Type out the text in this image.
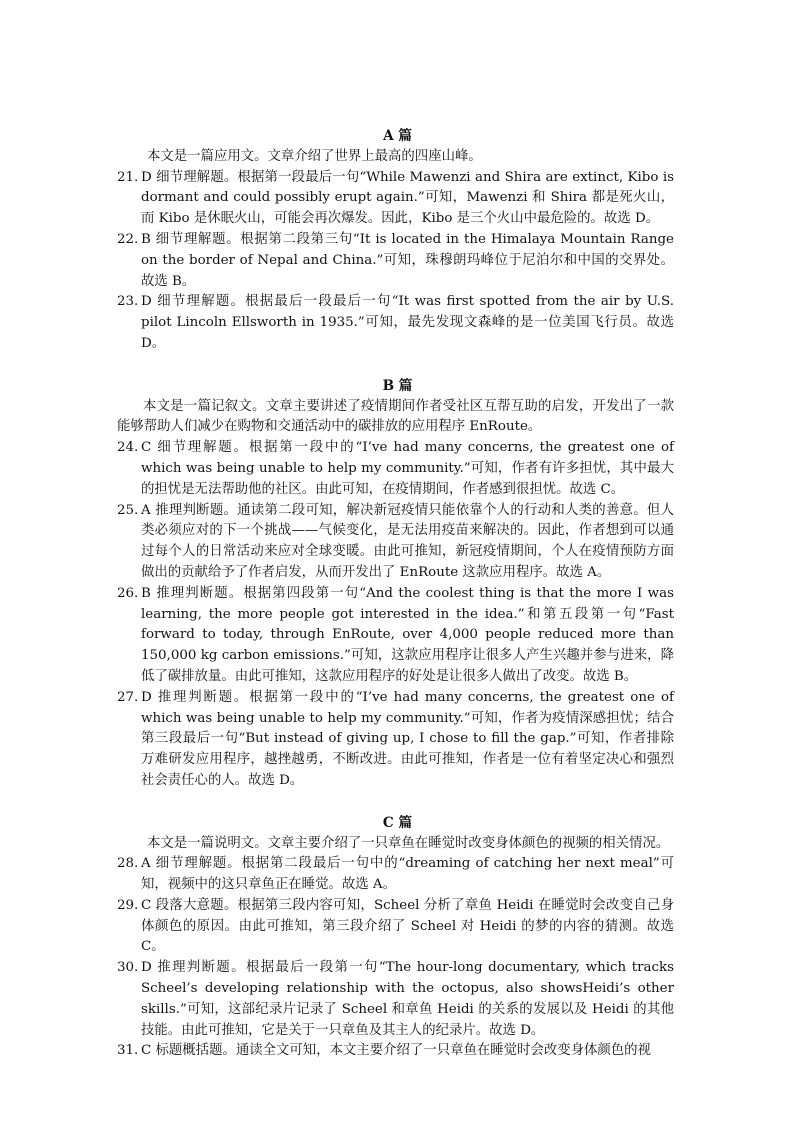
A 篇

本文是一篇应用文。文章介绍了世界上最高的四座山峰。

21. D 细节理解题。根据第一段最后一句“While Mawenzi and Shira are extinct, Kibo is dormant and could possibly erupt again.”可知，Mawenzi 和 Shira 都是死火山，而 Kibo 是休眠火山，可能会再次爆发。因此，Kibo 是三个火山中最危险的。故选 D。
22. B 细节理解题。根据第二段第三句“It is located in the Himalaya Mountain Range on the border of Nepal and China.”可知，珠穆朗玛峰位于尼泊尔和中国的交界处。故选 B。
23. D 细节理解题。根据最后一段最后一句“It was first spotted from the air by U.S. pilot Lincoln Ellsworth in 1935.”可知，最先发现文森峰的是一位美国飞行员。故选 D。
B 篇

本文是一篇记叙文。文章主要讲述了疫情期间作者受社区互帮互助的启发，开发出了一款能够帮助人们减少在购物和交通活动中的碳排放的应用程序 EnRoute。

24. C 细节理解题。根据第一段中的“I’ve had many concerns, the greatest one of which was being unable to help my community.”可知，作者有许多担忧，其中最大的担忧是无法帮助他的社区。由此可知，在疫情期间，作者感到很担忧。故选 C。
25. A 推理判断题。通读第二段可知，解决新冠疫情只能依靠个人的行动和人类的善意。但人类必须应对的下一个挑战——气候变化，是无法用疫苗来解决的。因此，作者想到可以通过每个人的日常活动来应对全球变暖。由此可推知，新冠疫情期间，个人在疫情预防方面做出的贡献给予了作者启发，从而开发出了 EnRoute 这款应用程序。故选 A。
26. B 推理判断题。根据第四段第一句“And the coolest thing is that the more I was learning, the more people got interested in the idea.”和第五段第一句“Fast forward to today, through EnRoute, over 4,000 people reduced more than 150,000 kg carbon emissions.”可知，这款应用程序让很多人产生兴趣并参与进来，降低了碳排放量。由此可推知，这款应用程序的好处是让很多人做出了改变。故选 B。
27. D 推理判断题。根据第一段中的“I’ve had many concerns, the greatest one of which was being unable to help my community.”可知，作者为疫情深感担忧；结合第三段最后一句“But instead of giving up, I chose to fill the gap.”可知，作者排除万难研发应用程序，越挫越勇，不断改进。由此可推知，作者是一位有着坚定决心和强烈社会责任心的人。故选 D。
C 篇

本文是一篇说明文。文章主要介绍了一只章鱼在睡觉时改变身体颜色的视频的相关情况。

28. A 细节理解题。根据第二段最后一句中的“dreaming of catching her next meal”可知，视频中的这只章鱼正在睡觉。故选 A。
29. C 段落大意题。根据第三段内容可知，Scheel 分析了章鱼 Heidi 在睡觉时会改变自己身体颜色的原因。由此可推知，第三段介绍了 Scheel 对 Heidi 的梦的内容的猜测。故选 C。
30. D 推理判断题。根据最后一段第一句“The hour-long documentary, which tracks Scheel’s developing relationship with the octopus, also showsHeidi’s other skills.”可知，这部纪录片记录了 Scheel 和章鱼 Heidi 的关系的发展以及 Heidi 的其他技能。由此可推知，它是关于一只章鱼及其主人的纪录片。故选 D。
31. C 标题概括题。通读全文可知，本文主要介绍了一只章鱼在睡觉时会改变身体颜色的视
